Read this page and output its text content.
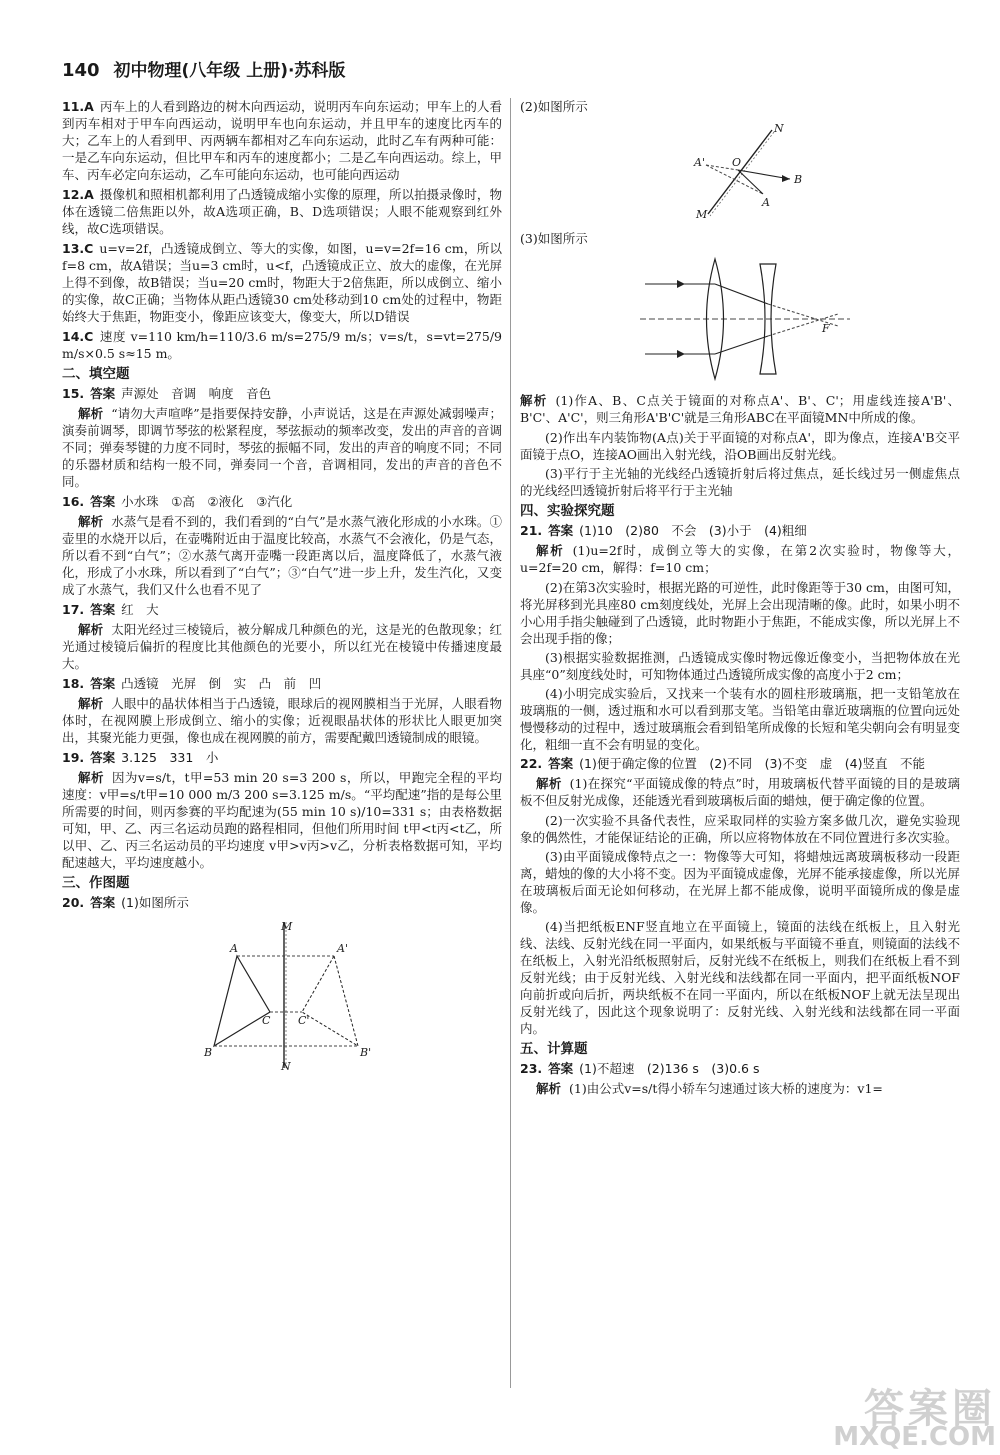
140 初中物理(八年级 上册)·苏科版
11.A 丙车上的人看到路边的树木向西运动，说明丙车向东运动；甲车上的人看到丙车相对于甲车向西运动，说明甲车也向东运动，并且甲车的速度比丙车的大；乙车上的人看到甲、丙两辆车都相对乙车向东运动，此时乙车有两种可能：一是乙车向东运动，但比甲车和丙车的速度都小；二是乙车向西运动。综上，甲车、丙车必定向东运动，乙车可能向东运动，也可能向西运动
12.A 摄像机和照相机都利用了凸透镜成缩小实像的原理，所以拍摄录像时，物体在透镜二倍焦距以外，故A选项正确，B、D选项错误；人眼不能观察到红外线，故C选项错误。
13.C u=v=2f，凸透镜成倒立、等大的实像，如图，u=v=2f=16 cm，所以f=8 cm，故A错误；当u=3 cm时，u<f，凸透镜成正立、放大的虚像，在光屏上得不到像，故B错误；当u=20 cm时，物距大于2倍焦距，所以成倒立、缩小的实像，故C正确；当物体从距凸透镜30 cm处移动到10 cm处的过程中，物距始终大于焦距，物距变小，像距应该变大，像变大，所以D错误
14.C 速度 v=110 km/h=110/3.6 m/s=275/9 m/s；v=s/t，s=vt=275/9 m/s×0.5 s≈15 m。
二、填空题
15. 答案 声源处　音调　响度　音色
解析 “请勿大声喧哗”是指要保持安静，小声说话，这是在声源处减弱噪声；演奏前调琴，即调节琴弦的松紧程度，琴弦振动的频率改变，发出的声音的音调不同；弹奏琴键的力度不同时，琴弦的振幅不同，发出的声音的响度不同；不同的乐器材质和结构一般不同，弹奏同一个音，音调相同，发出的声音的音色不同。
16. 答案 小水珠　①高　②液化　③汽化
解析 水蒸气是看不到的，我们看到的“白气”是水蒸气液化形成的小水珠。①壶里的水烧开以后，在壶嘴附近由于温度比较高，水蒸气不会液化，仍是气态，所以看不到“白气”；②水蒸气离开壶嘴一段距离以后，温度降低了，水蒸气液化，形成了小水珠，所以看到了“白气”；③“白气”进一步上升，发生汽化，又变成了水蒸气，我们又什么也看不见了
17. 答案 红　大
解析 太阳光经过三棱镜后，被分解成几种颜色的光，这是光的色散现象；红光通过棱镜后偏折的程度比其他颜色的光要小，所以红光在棱镜中传播速度最大。
18. 答案 凸透镜　光屏　倒　实　凸　前　凹
解析 人眼中的晶状体相当于凸透镜，眼球后的视网膜相当于光屏，人眼看物体时，在视网膜上形成倒立、缩小的实像；近视眼晶状体的形状比人眼更加突出，其聚光能力更强，像也成在视网膜的前方，需要配戴凹透镜制成的眼镜。
19. 答案 3.125　331　小
解析 因为v=s/t，t甲=53 min 20 s=3 200 s，所以，甲跑完全程的平均速度：v甲=s/t甲=10 000 m/3 200 s=3.125 m/s。“平均配速”指的是每公里所需要的时间，则丙参赛的平均配速为(55 min 10 s)/10=331 s；由表格数据可知，甲、乙、丙三名运动员跑的路程相同，但他们所用时间 t甲<t丙<t乙，所以甲、乙、丙三名运动员的平均速度 v甲>v丙>v乙，分析表格数据可知，平均配速越大，平均速度越小。
三、作图题
20. 答案 (1)如图所示
M
N
A
B
C
A'
B'
C'
(2)如图所示
N
M
O
A'
A
B
(3)如图所示
F
解析 (1)作A、B、C点关于镜面的对称点A'、B'、C'；用虚线连接A'B'、B'C'、A'C'，则三角形A'B'C'就是三角形ABC在平面镜MN中所成的像。
(2)作出车内装饰物(A点)关于平面镜的对称点A'，即为像点，连接A'B交平面镜于点O，连接AO画出入射光线，沿OB画出反射光线。
(3)平行于主光轴的光线经凸透镜折射后将过焦点，延长线过另一侧虚焦点的光线经凹透镜折射后将平行于主光轴
四、实验探究题
21. 答案 (1)10　(2)80　不会　(3)小于　(4)粗细
解析 (1)u=2f时，成倒立等大的实像，在第2次实验时，物像等大，u=2f=20 cm，解得：f=10 cm；
(2)在第3次实验时，根据光路的可逆性，此时像距等于30 cm，由图可知，将光屏移到光具座80 cm刻度线处，光屏上会出现清晰的像。此时，如果小明不小心用手指尖触碰到了凸透镜，此时物距小于焦距，不能成实像，所以光屏上不会出现手指的像；
(3)根据实验数据推测，凸透镜成实像时物远像近像变小，当把物体放在光具座“0”刻度线处时，可知物体通过凸透镜所成实像的高度小于2 cm；
(4)小明完成实验后，又找来一个装有水的圆柱形玻璃瓶，把一支铅笔放在玻璃瓶的一侧，透过瓶和水可以看到那支笔。当铅笔由靠近玻璃瓶的位置向远处慢慢移动的过程中，透过玻璃瓶会看到铅笔所成像的长短和笔尖朝向会有明显变化，粗细一直不会有明显的变化。
22. 答案 (1)便于确定像的位置　(2)不同　(3)不变　虚　(4)竖直　不能
解析 (1)在探究“平面镜成像的特点”时，用玻璃板代替平面镜的目的是玻璃板不但反射光成像，还能透光看到玻璃板后面的蜡烛，便于确定像的位置。
(2)一次实验不具备代表性，应采取同样的实验方案多做几次，避免实验现象的偶然性，才能保证结论的正确，所以应将物体放在不同位置进行多次实验。
(3)由平面镜成像特点之一：物像等大可知，将蜡烛远离玻璃板移动一段距离，蜡烛的像的大小将不变。因为平面镜成虚像，光屏不能承接虚像，所以光屏在玻璃板后面无论如何移动，在光屏上都不能成像，说明平面镜所成的像是虚像。
(4)当把纸板ENF竖直地立在平面镜上，镜面的法线在纸板上，且入射光线、法线、反射光线在同一平面内，如果纸板与平面镜不垂直，则镜面的法线不在纸板上，入射光沿纸板照射后，反射光线不在纸板上，则我们在纸板上看不到反射光线；由于反射光线、入射光线和法线都在同一平面内，把平面纸板NOF向前折或向后折，两块纸板不在同一平面内，所以在纸板NOF上就无法呈现出反射光线了，因此这个现象说明了：反射光线、入射光线和法线都在同一平面内。
五、计算题
23. 答案 (1)不超速　(2)136 s　(3)0.6 s
解析 (1)由公式v=s/t得小轿车匀速通过该大桥的速度为：v1=
答案圈
MXQE.COM
